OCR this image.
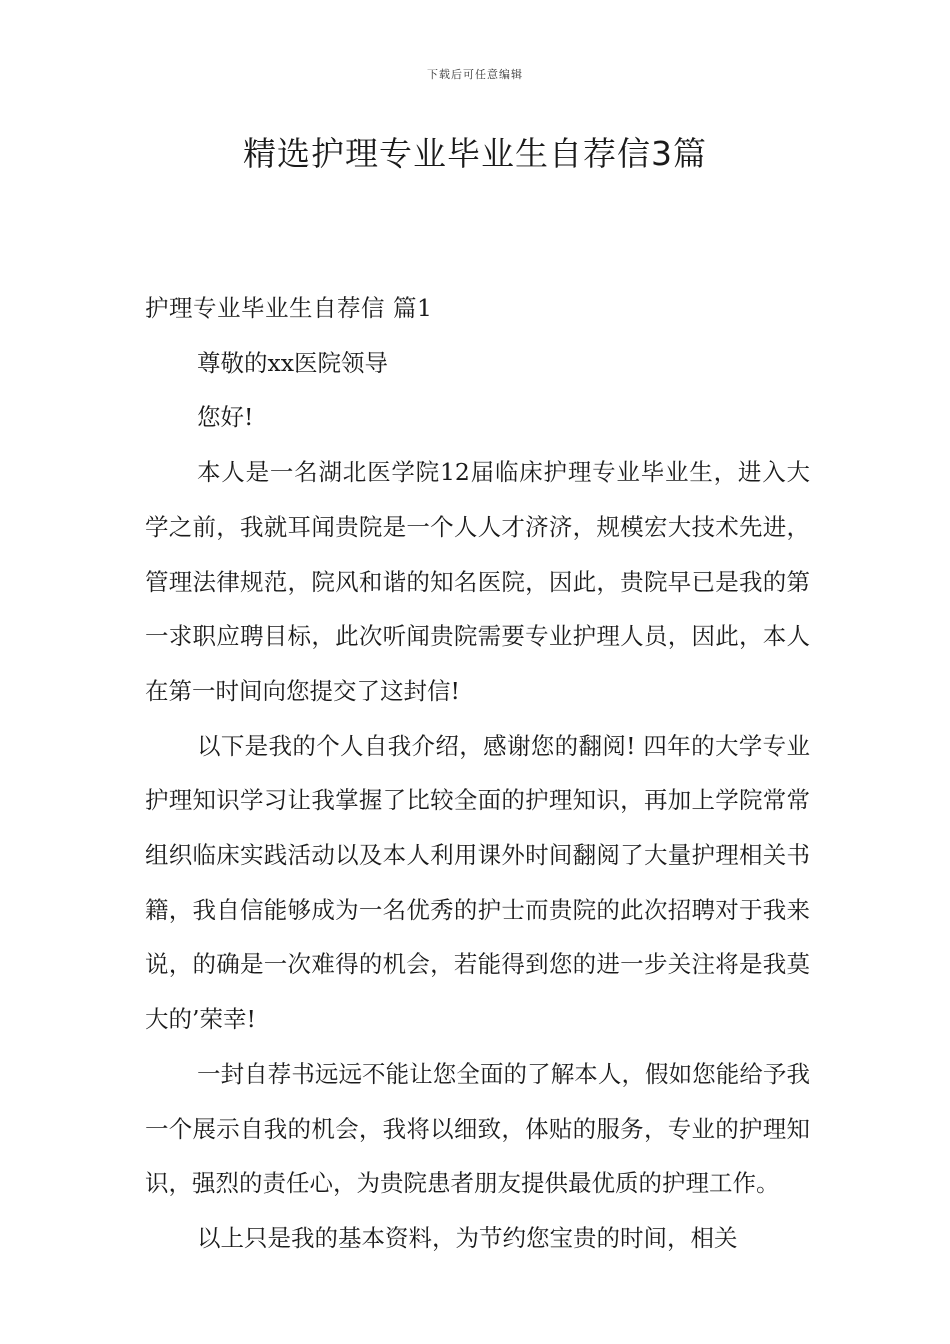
下载后可任意编辑
精选护理专业毕业生自荐信3篇

护理专业毕业生自荐信 篇1

尊敬的xx医院领导

您好!

本人是一名湖北医学院12届临床护理专业毕业生，进入大学之前，我就耳闻贵院是一个人人才济济，规模宏大技术先进，管理法律规范，院风和谐的知名医院，因此，贵院早已是我的第一求职应聘目标，此次听闻贵院需要专业护理人员，因此，本人在第一时间向您提交了这封信!

以下是我的个人自我介绍，感谢您的翻阅! 四年的大学专业护理知识学习让我掌握了比较全面的护理知识，再加上学院常常组织临床实践活动以及本人利用课外时间翻阅了大量护理相关书籍，我自信能够成为一名优秀的护士而贵院的此次招聘对于我来说，的确是一次难得的机会，若能得到您的进一步关注将是我莫大的’荣幸!

一封自荐书远远不能让您全面的了解本人，假如您能给予我一个展示自我的机会，我将以细致，体贴的服务，专业的护理知识，强烈的责任心，为贵院患者朋友提供最优质的护理工作。

以上只是我的基本资料，为节约您宝贵的时间，相关
